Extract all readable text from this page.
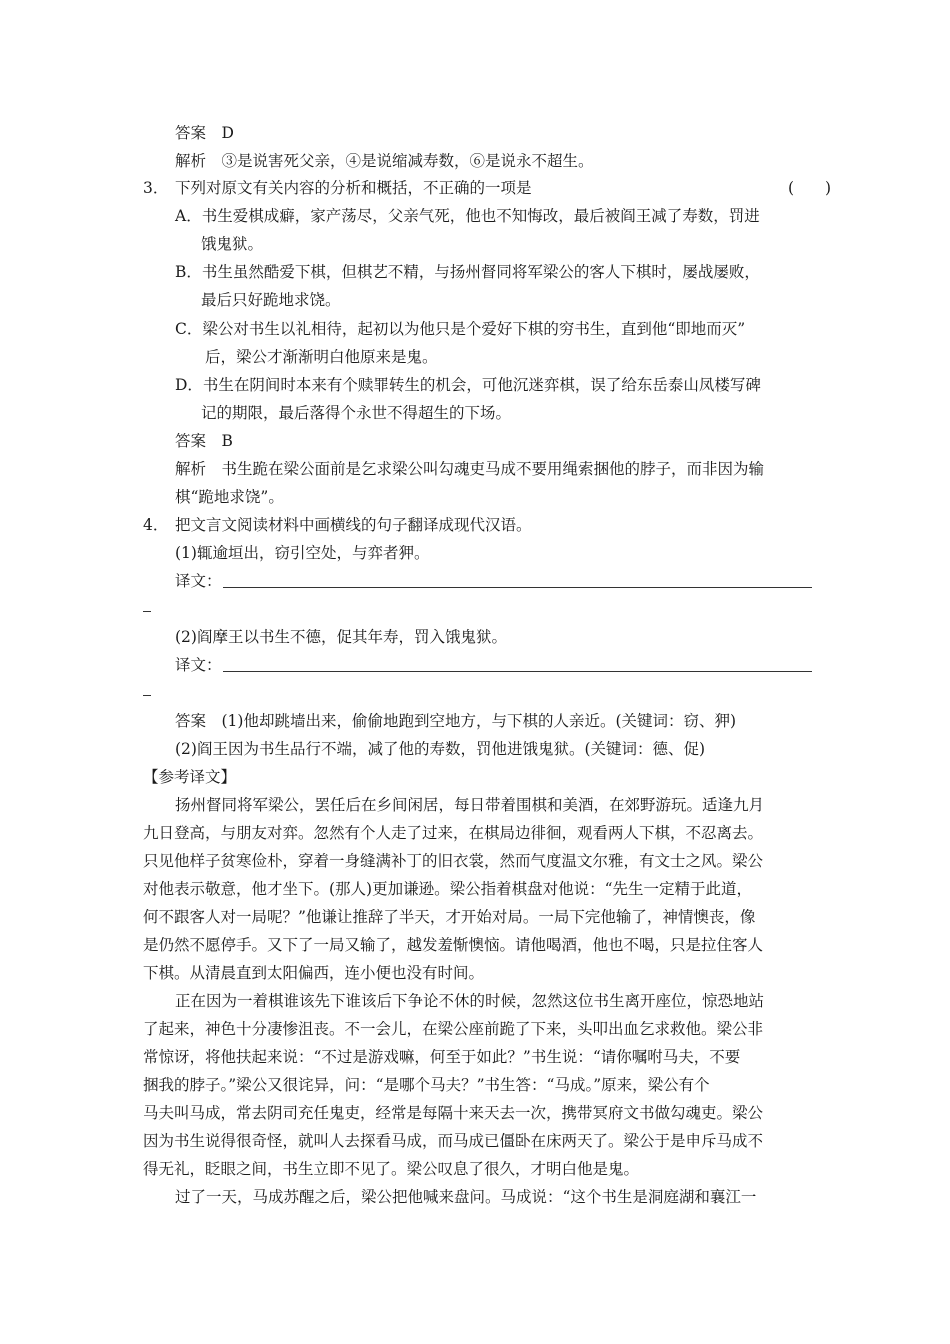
答案　D
解析　③是说害死父亲，④是说缩减寿数，⑥是说永不超生。
3． 下列对原文有关内容的分析和概括，不正确的一项是	(　　)
A．书生爱棋成癖，家产荡尽，父亲气死，他也不知悔改，最后被阎王减了寿数，罚进
饿鬼狱。
B．书生虽然酷爱下棋，但棋艺不精，与扬州督同将军梁公的客人下棋时，屡战屡败，
最后只好跪地求饶。
C．梁公对书生以礼相待，起初以为他只是个爱好下棋的穷书生，直到他“即地而灭”
后，梁公才渐渐明白他原来是鬼。
D．书生在阴间时本来有个赎罪转生的机会，可他沉迷弈棋，误了给东岳泰山凤楼写碑
记的期限，最后落得个永世不得超生的下场。
答案　B
解析　书生跪在梁公面前是乞求梁公叫勾魂吏马成不要用绳索捆他的脖子，而非因为输
棋“跪地求饶”。
4． 把文言文阅读材料中画横线的句子翻译成现代汉语。
(1)辄逾垣出，窃引空处，与弈者狎。
译文：
(2)阎摩王以书生不德，促其年寿，罚入饿鬼狱。
译文：
答案　(1)他却跳墙出来，偷偷地跑到空地方，与下棋的人亲近。(关键词：窃、狎)
(2)阎王因为书生品行不端，减了他的寿数，罚他进饿鬼狱。(关键词：德、促)
【参考译文】
扬州督同将军梁公，罢任后在乡间闲居，每日带着围棋和美酒，在郊野游玩。适逢九月
九日登高，与朋友对弈。忽然有个人走了过来，在棋局边徘徊，观看两人下棋，不忍离去。
只见他样子贫寒俭朴，穿着一身缝满补丁的旧衣裳，然而气度温文尔雅，有文士之风。梁公
对他表示敬意，他才坐下。(那人)更加谦逊。梁公指着棋盘对他说：“先生一定精于此道，
何不跟客人对一局呢？”他谦让推辞了半天，才开始对局。一局下完他输了，神情懊丧，像
是仍然不愿停手。又下了一局又输了，越发羞惭懊恼。请他喝酒，他也不喝，只是拉住客人
下棋。从清晨直到太阳偏西，连小便也没有时间。
正在因为一着棋谁该先下谁该后下争论不休的时候，忽然这位书生离开座位，惊恐地站
了起来，神色十分凄惨沮丧。不一会儿，在梁公座前跪了下来，头叩出血乞求救他。梁公非
常惊讶，将他扶起来说：“不过是游戏嘛，何至于如此？”书生说：“请你嘱咐马夫，不要
捆我的脖子。”梁公又很诧异，问：“是哪个马夫？”书生答：“马成。”原来，梁公有个
马夫叫马成，常去阴司充任鬼吏，经常是每隔十来天去一次，携带冥府文书做勾魂吏。梁公
因为书生说得很奇怪，就叫人去探看马成，而马成已僵卧在床两天了。梁公于是申斥马成不
得无礼，眨眼之间，书生立即不见了。梁公叹息了很久，才明白他是鬼。
过了一天，马成苏醒之后，梁公把他喊来盘问。马成说：“这个书生是洞庭湖和襄江一
